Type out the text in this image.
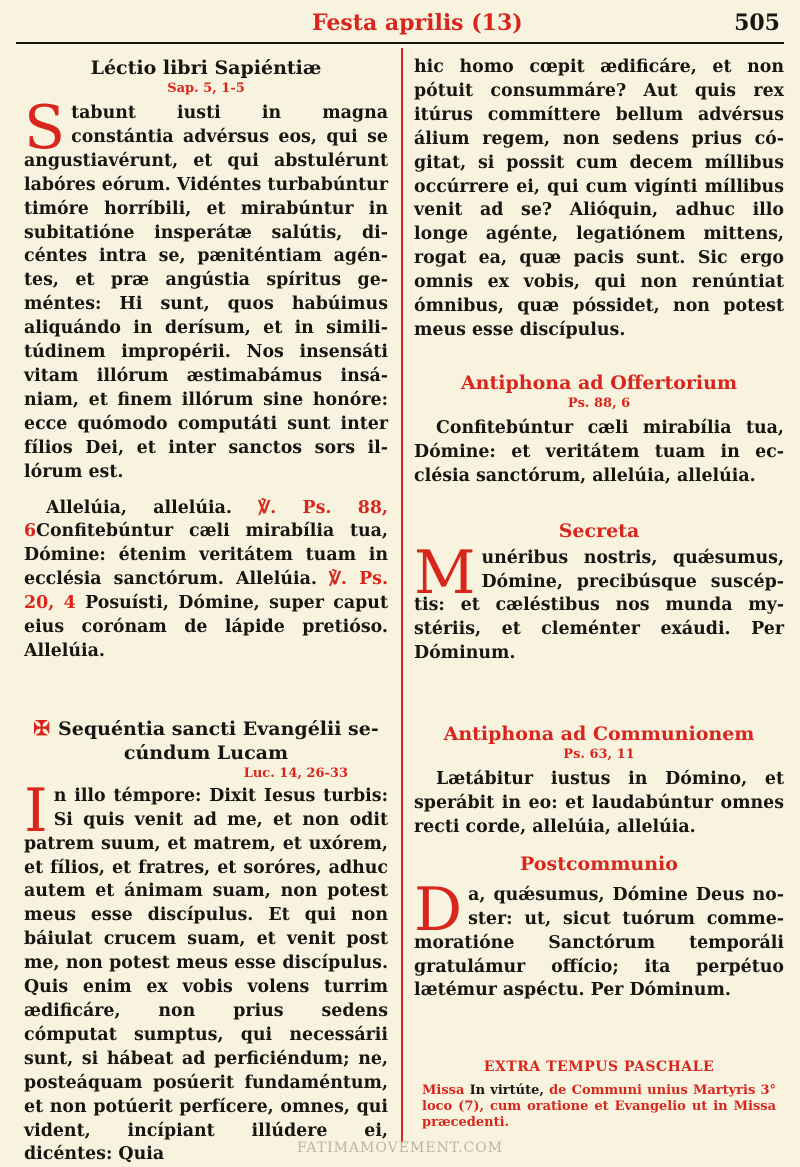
Festa aprilis (13)	505
Léctio libri Sapiéntiæ
Sap. 5, 1-5

Stabunt iusti in magna constántia advérsus eos, qui se angustiavérunt, et qui abstulérunt labóres eórum. Vidéntes turbabúntur timóre horríbili, et mirabúntur in subitatióne insperátæ salútis, dicéntes intra se, pæniténtiam agéntes, et præ angústia spíritus geméntes: Hi sunt, quos habúimus aliquándo in derísum, et in similitúdinem impropérii. Nos insensáti vitam illórum æstimabámus insániam, et finem illórum sine honóre: ecce quómodo computáti sunt inter fílios Dei, et inter sanctos sors illórum est.

Allelúia, allelúia. ℣. Ps. 88, 6Confitebúntur cæli mirabília tua, Dómine: étenim veritátem tuam in ecclésia sanctórum. Allelúia. ℣. Ps. 20, 4 Posuísti, Dómine, super caput eius corónam de lápide pretióso. Allelúia.

✠ Sequéntia sancti Evangélii secúndum Lucam
Luc. 14, 26-33

In illo témpore: Dixit Iesus turbis: Si quis venit ad me, et non odit patrem suum, et matrem, et uxórem, et fílios, et fratres, et soróres, adhuc autem et ánimam suam, non potest meus esse discípulus. Et qui non báiulat crucem suam, et venit post me, non potest meus esse discípulus. Quis enim ex vobis volens turrim ædificáre, non prius sedens cómputat sumptus, qui necessárii sunt, si hábeat ad perficiéndum; ne, posteáquam posúerit fundaméntum, et non potúerit perfícere, omnes, qui vident, incípiant illúdere ei, dicéntes: Quia

hic homo cœpit ædificáre, et non pótuit consummáre? Aut quis rex itúrus commíttere bellum advérsus álium regem, non sedens prius cógitat, si possit cum decem míllibus occúrrere ei, qui cum vigínti míllibus venit ad se? Alióquin, adhuc illo longe agénte, legatiónem mittens, rogat ea, quæ pacis sunt. Sic ergo omnis ex vobis, qui non renúntiat ómnibus, quæ póssidet, non potest meus esse discípulus.

Antiphona ad Offertorium
Ps. 88, 6

Confitebúntur cæli mirabília tua, Dómine: et veritátem tuam in ecclésia sanctórum, allelúia, allelúia.

Secreta

Munéribus nostris, quǽsumus, Dómine, precibúsque suscéptis: et cæléstibus nos munda mystériis, et cleménter exáudi. Per Dóminum.

Antiphona ad Communionem
Ps. 63, 11

Lætábitur iustus in Dómino, et sperábit in eo: et laudabúntur omnes recti corde, allelúia, allelúia.

Postcommunio

Da, quǽsumus, Dómine Deus noster: ut, sicut tuórum commemoratióne Sanctórum temporáli gratulámur offício; ita perpétuo lætémur aspéctu. Per Dóminum.

EXTRA TEMPUS PASCHALE

Missa In virtúte, de Communi unius Martyris 3° loco (7), cum oratione et Evangelio ut in Missa præcedenti.

FATIMAMOVEMENT.COM
